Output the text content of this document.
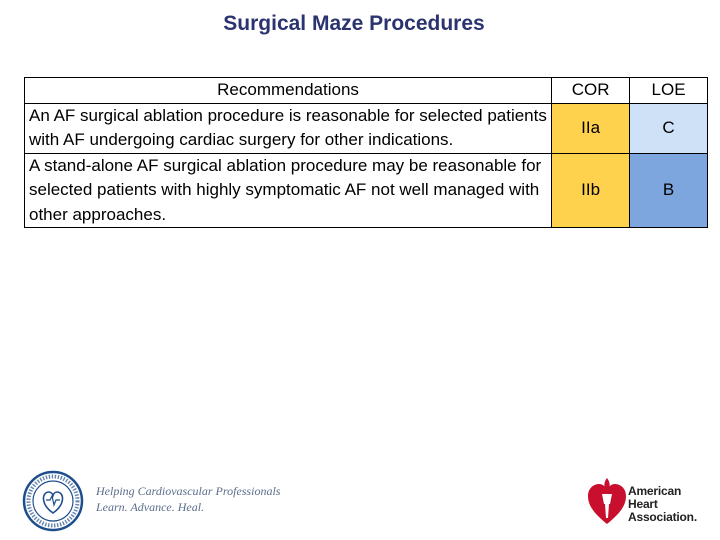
Surgical Maze Procedures
Recommendations	COR	LOE
An AF surgical ablation procedure is reasonable for selected patients with AF undergoing cardiac surgery for other indications.	IIa	C
A stand-alone AF surgical ablation procedure may be reasonable for selected patients with highly symptomatic AF not well managed with other approaches.	IIb	B
Helping Cardiovascular Professionals
Learn. Advance. Heal.
American
Heart
Association.
